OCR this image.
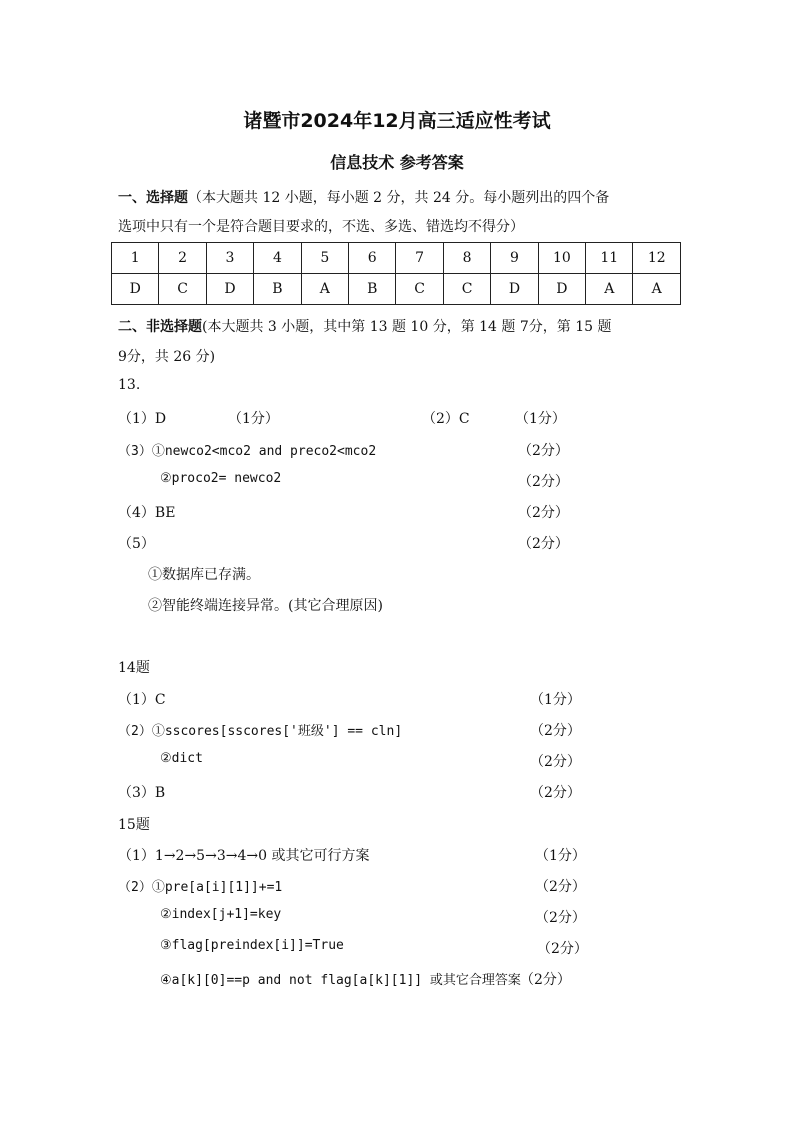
诸暨市2024年12月高三适应性考试
信息技术 参考答案
一、选择题（本大题共 12 小题，每小题 2 分，共 24 分。每小题列出的四个备
选项中只有一个是符合题目要求的，不选、多选、错选均不得分）
1	2	3	4	5	6	7	8	9	10	11	12
D	C	D	B	A	B	C	C	D	D	A	A
二、非选择题(本大题共 3 小题，其中第 13 题 10 分，第 14 题 7分，第 15 题
9分，共 26 分)
13.
（1）D	（1分）	（2）C	（1分）
（3）①newco2<mco2 and preco2<mco2	（2分）
②proco2= newco2	（2分）
（4）BE	（2分）
（5）	（2分）
①数据库已存满。
②智能终端连接异常。(其它合理原因)
14题
（1）C	（1分）
（2）①sscores[sscores['班级'] == cln]	（2分）
②dict	（2分）
（3）B	（2分）
15题
（1）1→2→5→3→4→0 或其它可行方案	（1分）
（2）①pre[a[i][1]]+=1	（2分）
②index[j+1]=key	（2分）
③flag[preindex[i]]=True	（2分）
④a[k][0]==p and not flag[a[k][1]] 或其它合理答案 （2分）
